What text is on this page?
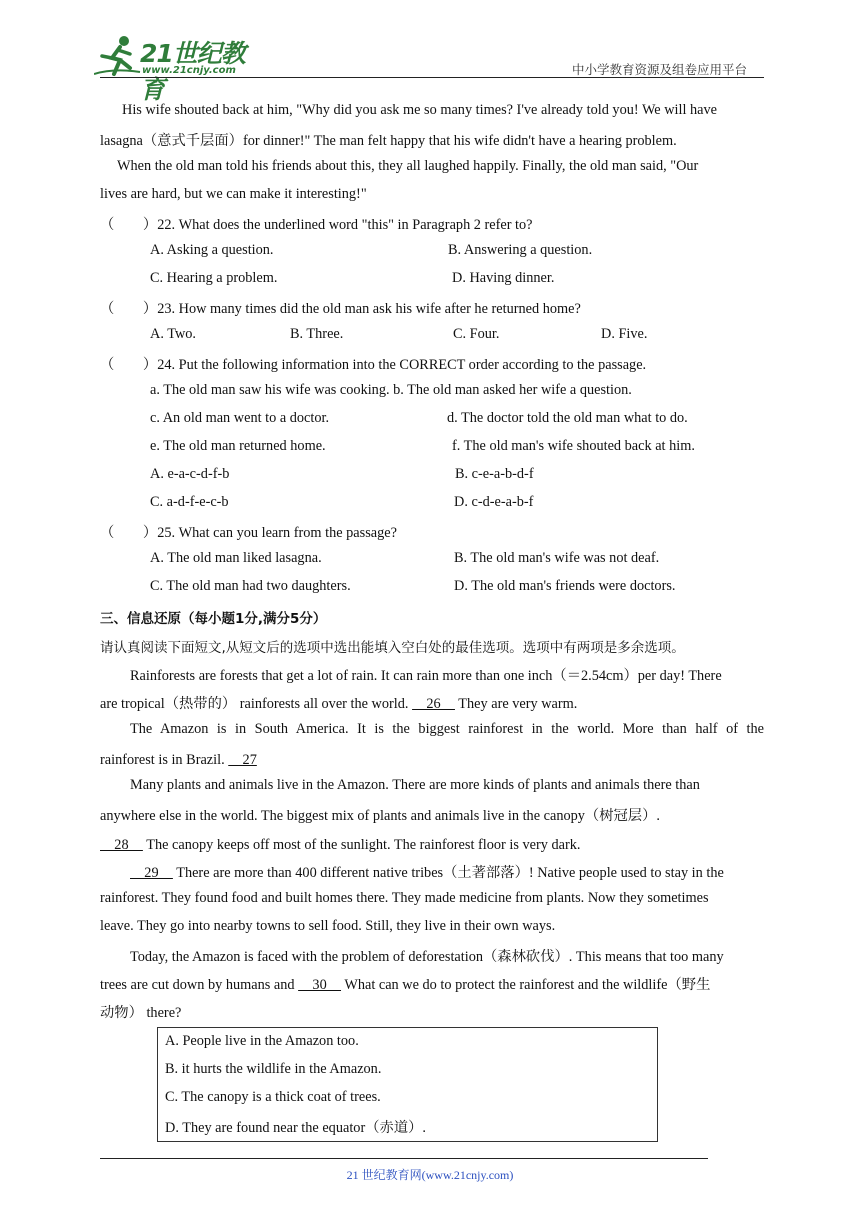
21世纪教育
www.21cnjy.com	中小学教育资源及组卷应用平台
His wife shouted back at him, "Why did you ask me so many times? I've already told you! We will have
lasagna（意式千层面）for dinner!" The man felt happy that his wife didn't have a hearing problem.
When the old man told his friends about this, they all laughed happily. Finally, the old man said, "Our
lives are hard, but we can make it interesting!"
（　　）22. What does the underlined word "this" in Paragraph 2 refer to?
A. Asking a question.	B. Answering a question.
C. Hearing a problem.	D. Having dinner.
（　　）23. How many times did the old man ask his wife after he returned home?
A. Two.	B. Three.	C. Four.	D. Five.
（　　）24. Put the following information into the CORRECT order according to the passage.
a. The old man saw his wife was cooking. b. The old man asked her wife a question.
c. An old man went to a doctor.	d. The doctor told the old man what to do.
e. The old man returned home.	f. The old man's wife shouted back at him.
A. e-a-c-d-f-b	B. c-e-a-b-d-f
C. a-d-f-e-c-b	D. c-d-e-a-b-f
（　　）25. What can you learn from the passage?
A. The old man liked lasagna.	B. The old man's wife was not deaf.
C. The old man had two daughters.	D. The old man's friends were doctors.
三、信息还原（每小题1分,满分5分）
请认真阅读下面短文,从短文后的选项中选出能填入空白处的最佳选项。选项中有两项是多余选项。
Rainforests are forests that get a lot of rain. It can rain more than one inch（＝2.54cm）per day! There
are tropical（热带的） rainforests all over the world. 　26　 They are very warm.
The Amazon is in South America. It is the biggest rainforest in the world. More than half of the
rainforest is in Brazil. 　27
Many plants and animals live in the Amazon. There are more kinds of plants and animals there than
anywhere else in the world. The biggest mix of plants and animals live in the canopy（树冠层）.
　28　 The canopy keeps off most of the sunlight. The rainforest floor is very dark.
　29　 There are more than 400 different native tribes（土著部落）! Native people used to stay in the
rainforest. They found food and built homes there. They made medicine from plants. Now they sometimes
leave. They go into nearby towns to sell food. Still, they live in their own ways.
Today, the Amazon is faced with the problem of deforestation（森林砍伐）. This means that too many
trees are cut down by humans and 　30　 What can we do to protect the rainforest and the wildlife（野生
动物） there?
A. People live in the Amazon too.
B. it hurts the wildlife in the Amazon.
C. The canopy is a thick coat of trees.
D. They are found near the equator（赤道）.
21 世纪教育网(www.21cnjy.com)
